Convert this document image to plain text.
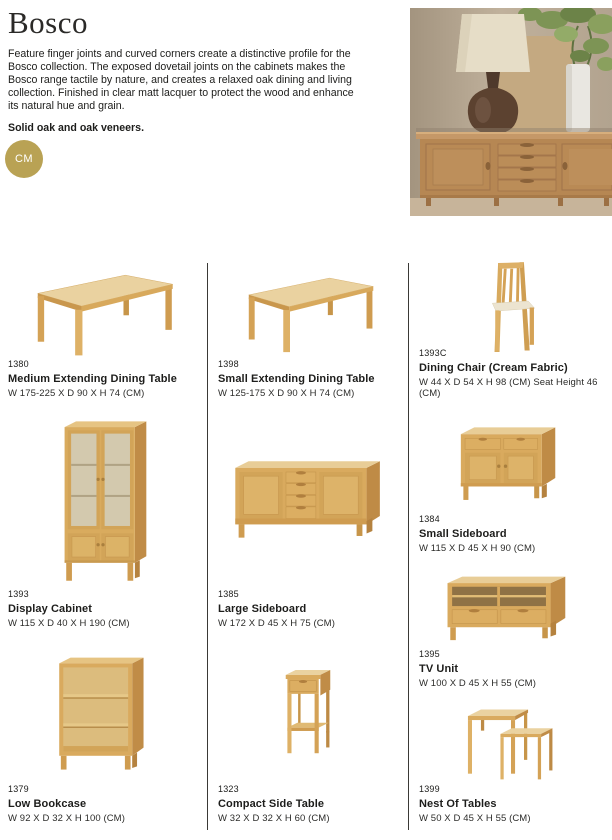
Bosco

Feature finger joints and curved corners create a distinctive profile for the Bosco collection. The exposed dovetail joints on the cabinets makes the Bosco range tactile by nature, and creates a relaxed oak dining and living collection. Finished in clear matt lacquer to protect the wood and enhance its natural hue and grain.

Solid oak and oak veneers.

CM
1380
Medium Extending Dining Table
W 175-225 X D 90 X H 74 (CM)
1393
Display Cabinet
W 115 X D 40 X H 190 (CM)
1379
Low Bookcase
W 92 X D 32 X H 100 (CM)
1398
Small Extending Dining Table
W 125-175 X D 90 X H 74 (CM)
1385
Large Sideboard
W 172 X D 45 X H 75 (CM)
1323
Compact Side Table
W 32 X D 32 X H 60 (CM)
1393C
Dining Chair (Cream Fabric)
W 44 X D 54 X H 98 (CM) Seat Height 46 (CM)
1384
Small Sideboard
W 115 X D 45 X H 90 (CM)
1395
TV Unit
W 100 X D 45 X H 55 (CM)
1399
Nest Of Tables
W 50 X D 45 X H 55 (CM)
